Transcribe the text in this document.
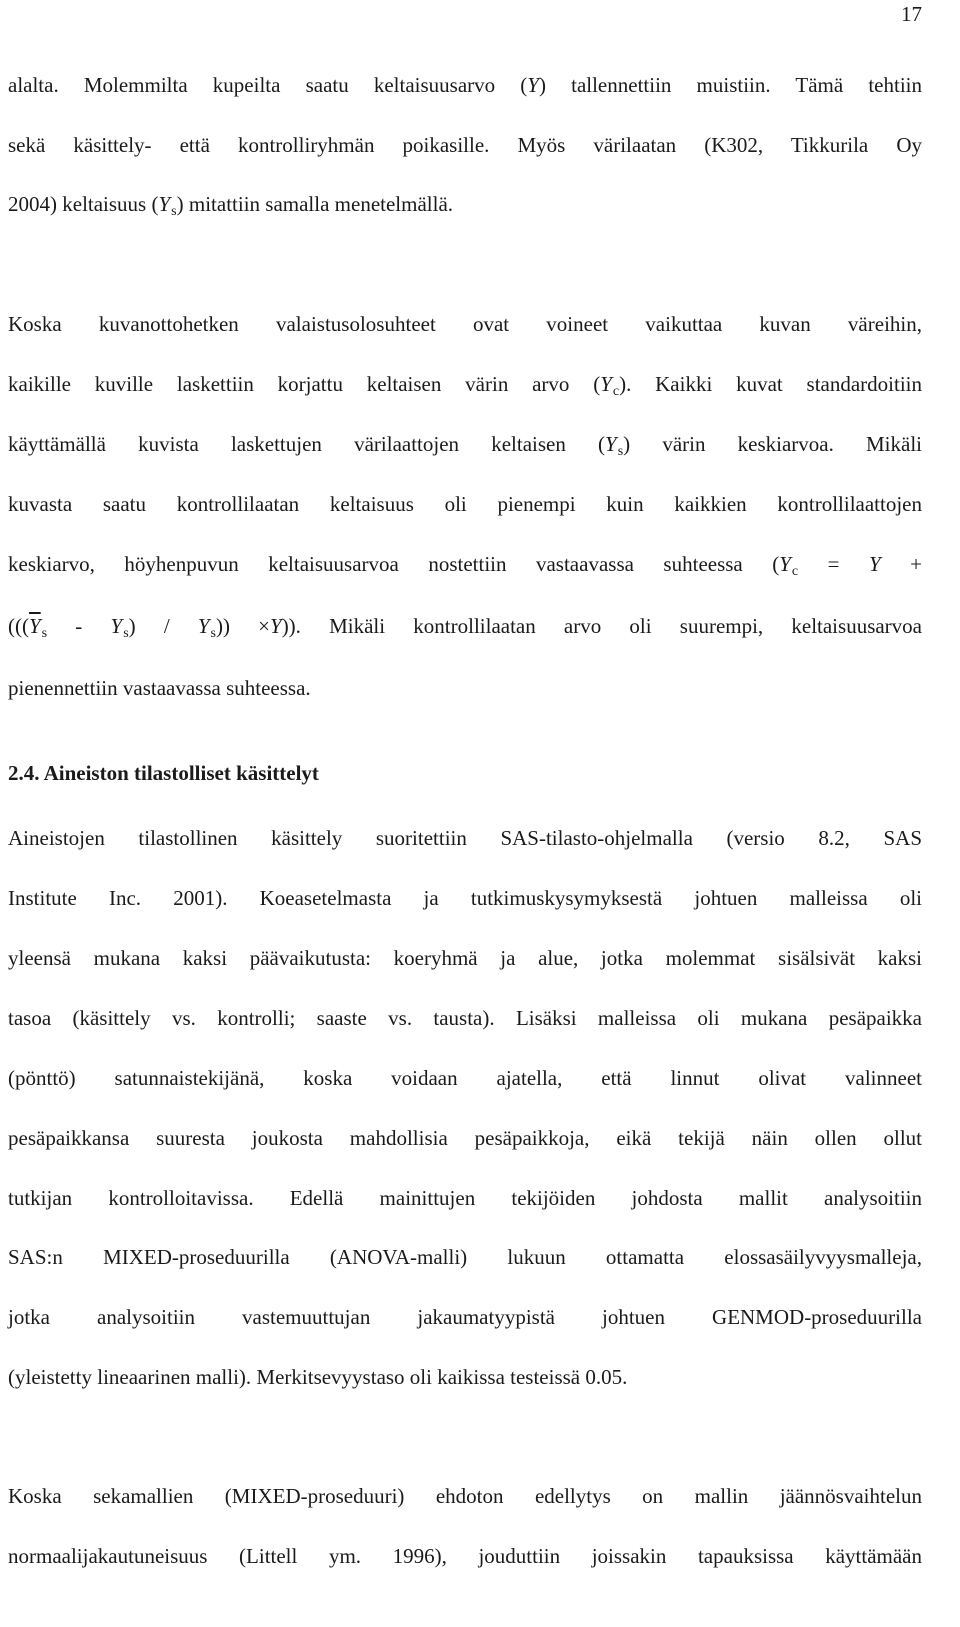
17
alalta. Molemmilta kupeilta saatu keltaisuusarvo (Y) tallennettiin muistiin. Tämä tehtiin
sekä käsittely- että kontrolliryhmän poikasille. Myös värilaatan (K302, Tikkurila Oy
2004) keltaisuus $(Y_s)$ mitattiin samalla menetelmällä.
Koska kuvanottohetken valaistusolosuhteet ovat voineet vaikuttaa kuvan väreihin,
kaikille kuville laskettiin korjattu keltaisen värin arvo $(Y_c)$. Kaikki kuvat standardoitiin
käyttämällä kuvista laskettujen värilaattojen keltaisen $(Y_s)$ värin keskiarvoa. Mikäli
kuvasta saatu kontrollilaatan keltaisuus oli pienempi kuin kaikkien kontrollilaattojen
keskiarvo, höyhenpuvun keltaisuusarvoa nostettiin vastaavassa suhteessa ($Y_c = Y$ +
$(((\overline{Y}_s - Y_s) / Y_s)) \times Y$)). Mikäli kontrollilaatan arvo oli suurempi, keltaisuusarvoa
pienennettiin vastaavassa suhteessa.
2.4. Aineiston tilastolliset käsittelyt
Aineistojen tilastollinen käsittely suoritettiin SAS-tilasto-ohjelmalla (versio 8.2, SAS
Institute Inc. 2001). Koeasetelmasta ja tutkimuskysymyksestä johtuen malleissa oli
yleensä mukana kaksi päävaikutusta: koeryhmä ja alue, jotka molemmat sisälsivät kaksi
tasoa (käsittely vs. kontrolli; saaste vs. tausta). Lisäksi malleissa oli mukana pesäpaikka
(pönttö) satunnaistekijänä, koska voidaan ajatella, että linnut olivat valinneet
pesäpaikkansa suuresta joukosta mahdollisia pesäpaikkoja, eikä tekijä näin ollen ollut
tutkijan kontrolloitavissa. Edellä mainittujen tekijöiden johdosta mallit analysoitiin
SAS:n MIXED-proseduurilla (ANOVA-malli) lukuun ottamatta elossasäilyvyysmalleja,
jotka analysoitiin vastemuuttujan jakaumatyypistä johtuen GENMOD-proseduurilla
(yleistetty lineaarinen malli). Merkitsevyystaso oli kaikissa testeissä 0.05.
Koska sekamallien (MIXED-proseduuri) ehdoton edellytys on mallin jäännösvaihtelun
normaalijakautuneisuus (Littell ym. 1996), jouduttiin joissakin tapauksissa käyttämään
